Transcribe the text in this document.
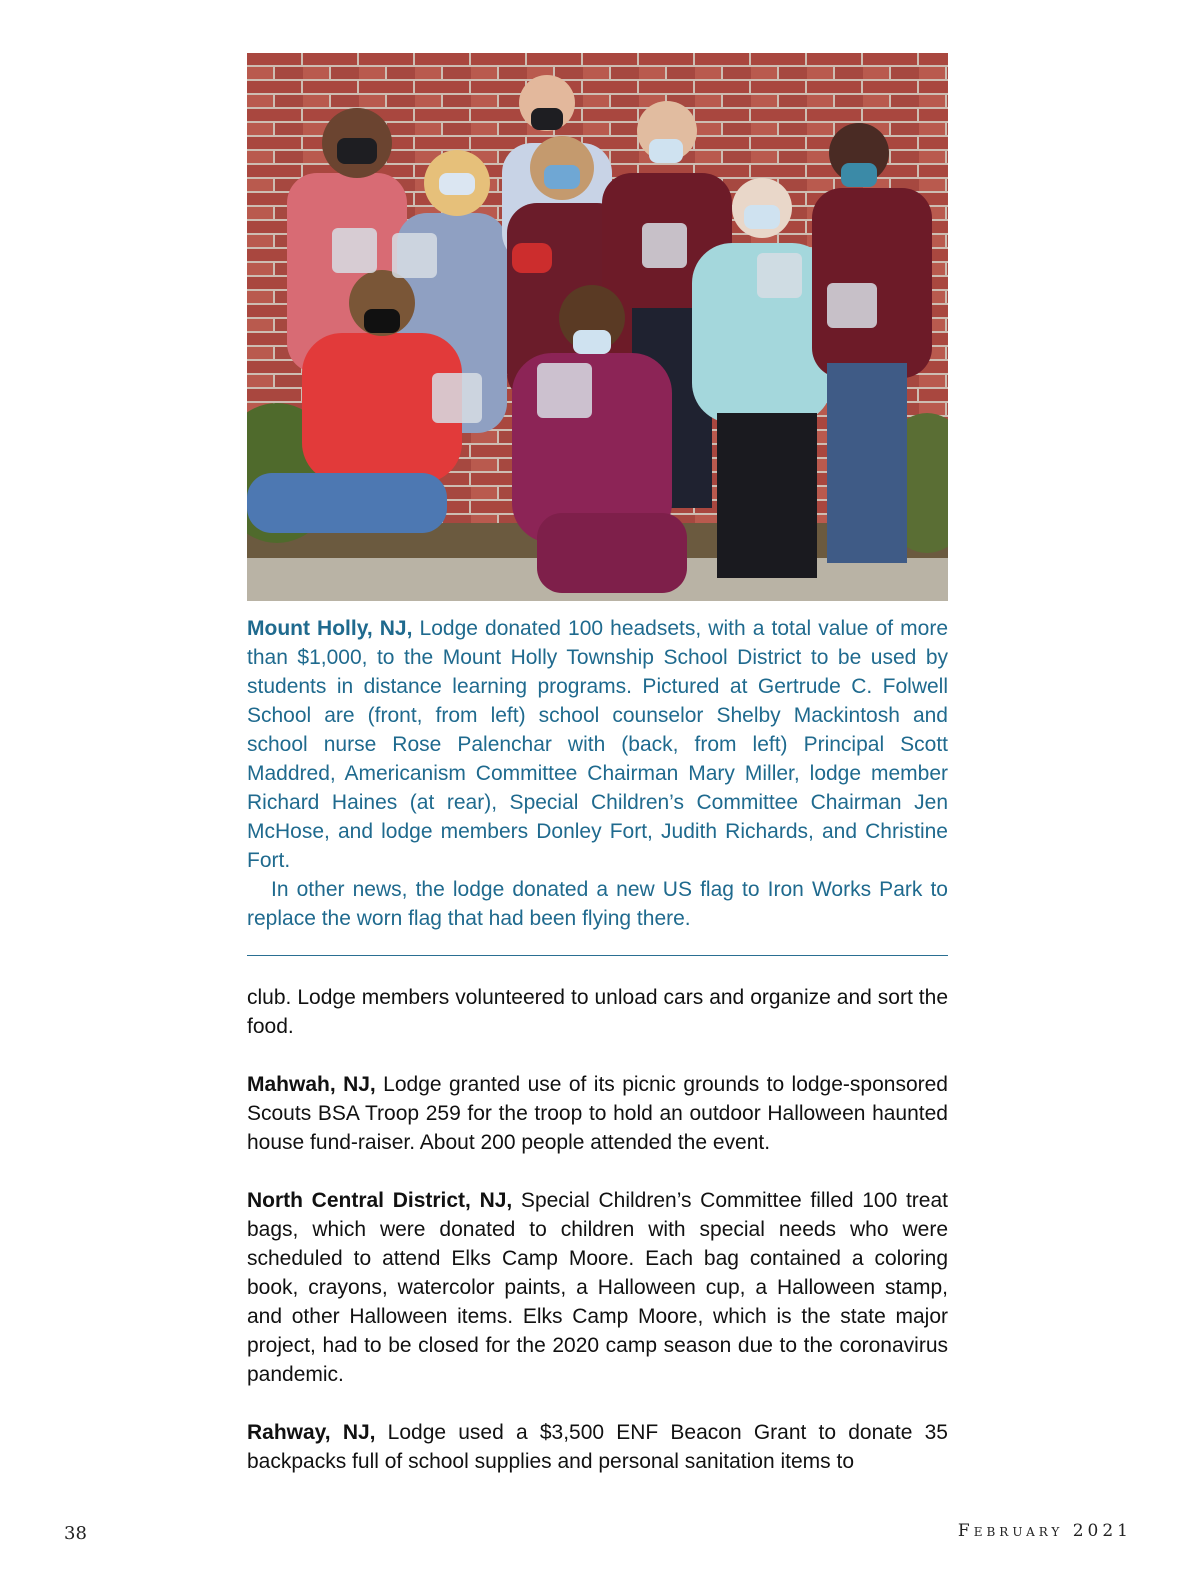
Mount Holly, NJ, Lodge donated 100 headsets, with a total value of more than $1,000, to the Mount Holly Township School District to be used by students in distance learning programs. Pictured at Gertrude C. Folwell School are (front, from left) school counselor Shelby Mackintosh and school nurse Rose Palenchar with (back, from left) Principal Scott Maddred, Americanism Committee Chairman Mary Miller, lodge member Richard Haines (at rear), Special Children’s Committee Chairman Jen McHose, and lodge members Donley Fort, Judith Richards, and Christine Fort.

In other news, the lodge donated a new US flag to Iron Works Park to replace the worn flag that had been flying there.

club. Lodge members volunteered to unload cars and organize and sort the food.

Mahwah, NJ, Lodge granted use of its picnic grounds to lodge-sponsored Scouts BSA Troop 259 for the troop to hold an outdoor Halloween haunted house fund-raiser. About 200 people attended the event.

North Central District, NJ, Special Children’s Committee filled 100 treat bags, which were donated to children with special needs who were scheduled to attend Elks Camp Moore. Each bag contained a coloring book, crayons, watercolor paints, a Halloween cup, a Halloween stamp, and other Halloween items. Elks Camp Moore, which is the state major project, had to be closed for the 2020 camp season due to the coronavirus pandemic.

Rahway, NJ, Lodge used a $3,500 ENF Beacon Grant to donate 35 backpacks full of school supplies and personal sanitation items to

38	February 2021
